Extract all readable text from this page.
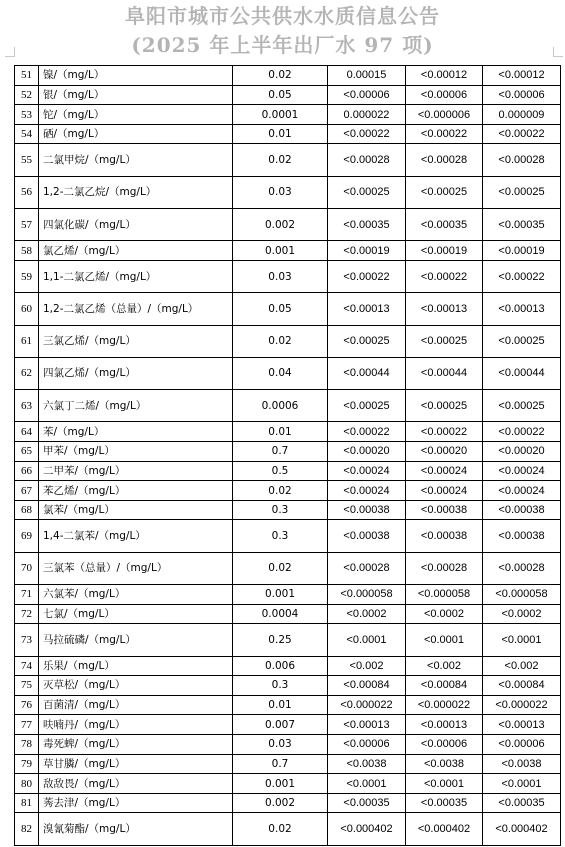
阜阳市城市公共供水水质信息公告
(2025 年上半年出厂水 97 项)
51	镍/（mg/L）	0.02	0.00015	<0.00012	<0.00012
52	银/（mg/L）	0.05	<0.00006	<0.00006	<0.00006
53	铊/（mg/L）	0.0001	0.000022	<0.000006	0.000009
54	硒/（mg/L）	0.01	<0.00022	<0.00022	<0.00022
55	二氯甲烷/（mg/L）	0.02	<0.00028	<0.00028	<0.00028
56	1,2-二氯乙烷/（mg/L）	0.03	<0.00025	<0.00025	<0.00025
57	四氯化碳/（mg/L）	0.002	<0.00035	<0.00035	<0.00035
58	氯乙烯/（mg/L）	0.001	<0.00019	<0.00019	<0.00019
59	1,1-二氯乙烯/（mg/L）	0.03	<0.00022	<0.00022	<0.00022
60	1,2-二氯乙烯（总量）/（mg/L）	0.05	<0.00013	<0.00013	<0.00013
61	三氯乙烯/（mg/L）	0.02	<0.00025	<0.00025	<0.00025
62	四氯乙烯/（mg/L）	0.04	<0.00044	<0.00044	<0.00044
63	六氯丁二烯/（mg/L）	0.0006	<0.00025	<0.00025	<0.00025
64	苯/（mg/L）	0.01	<0.00022	<0.00022	<0.00022
65	甲苯/（mg/L）	0.7	<0.00020	<0.00020	<0.00020
66	二甲苯/（mg/L）	0.5	<0.00024	<0.00024	<0.00024
67	苯乙烯/（mg/L）	0.02	<0.00024	<0.00024	<0.00024
68	氯苯/（mg/L）	0.3	<0.00038	<0.00038	<0.00038
69	1,4-二氯苯/（mg/L）	0.3	<0.00038	<0.00038	<0.00038
70	三氯苯（总量）/（mg/L）	0.02	<0.00028	<0.00028	<0.00028
71	六氯苯/（mg/L）	0.001	<0.000058	<0.000058	<0.000058
72	七氯/（mg/L）	0.0004	<0.0002	<0.0002	<0.0002
73	马拉硫磷/（mg/L）	0.25	<0.0001	<0.0001	<0.0001
74	乐果/（mg/L）	0.006	<0.002	<0.002	<0.002
75	灭草松/（mg/L）	0.3	<0.00084	<0.00084	<0.00084
76	百菌清/（mg/L）	0.01	<0.000022	<0.000022	<0.000022
77	呋喃丹/（mg/L）	0.007	<0.00013	<0.00013	<0.00013
78	毒死蜱/（mg/L）	0.03	<0.00006	<0.00006	<0.00006
79	草甘膦/（mg/L）	0.7	<0.0038	<0.0038	<0.0038
80	敌敌畏/（mg/L）	0.001	<0.0001	<0.0001	<0.0001
81	莠去津/（mg/L）	0.002	<0.00035	<0.00035	<0.00035
82	溴氰菊酯/（mg/L）	0.02	<0.000402	<0.000402	<0.000402
